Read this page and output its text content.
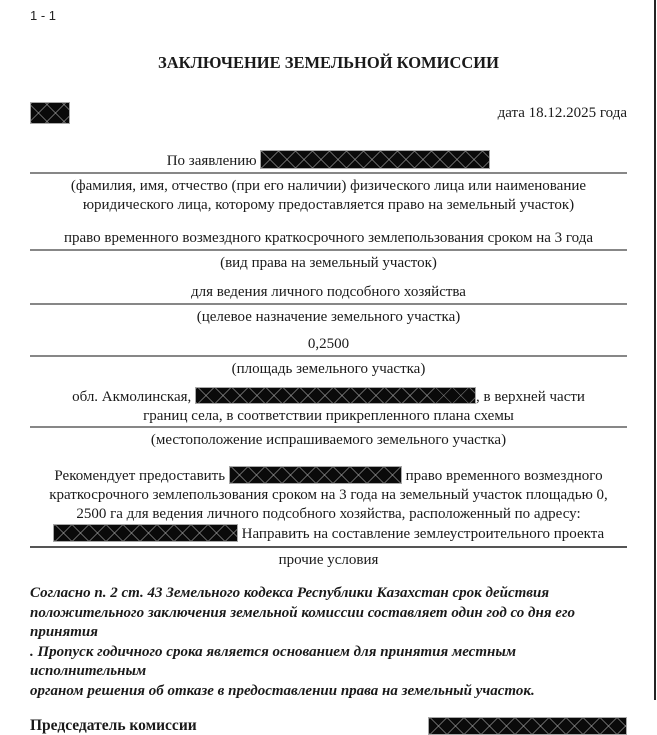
1 - 1
ЗАКЛЮЧЕНИЕ ЗЕМЕЛЬНОЙ КОМИССИИ
дата 18.12.2025 года
По заявлению
(фамилия, имя, отчество (при его наличии) физического лица или наименование
юридического лица, которому предоставляется право на земельный участок)
право временного возмездного краткосрочного землепользования сроком на 3 года
(вид права на земельный участок)
для ведения личного подсобного хозяйства
(целевое назначение земельного участка)
0,2500
(площадь земельного участка)
обл. Акмолинская,	, в верхней части
границ села, в соответствии прикрепленного плана схемы
(местоположение испрашиваемого земельного участка)
Рекомендует предоставить	право временного возмездного
краткосрочного землепользования сроком на 3 года на земельный участок площадью 0,
2500 га для ведения личного подсобного хозяйства, расположенный по адресу:
Направить на составление землеустроительного проекта
прочие условия
Согласно п. 2 ст. 43 Земельного кодекса Республики Казахстан срок действия
положительного заключения земельной комиссии составляет один год со дня его принятия
. Пропуск годичного срока является основанием для принятия местным исполнительным
органом решения об отказе в предоставлении права на земельный участок.
Председатель комиссии
